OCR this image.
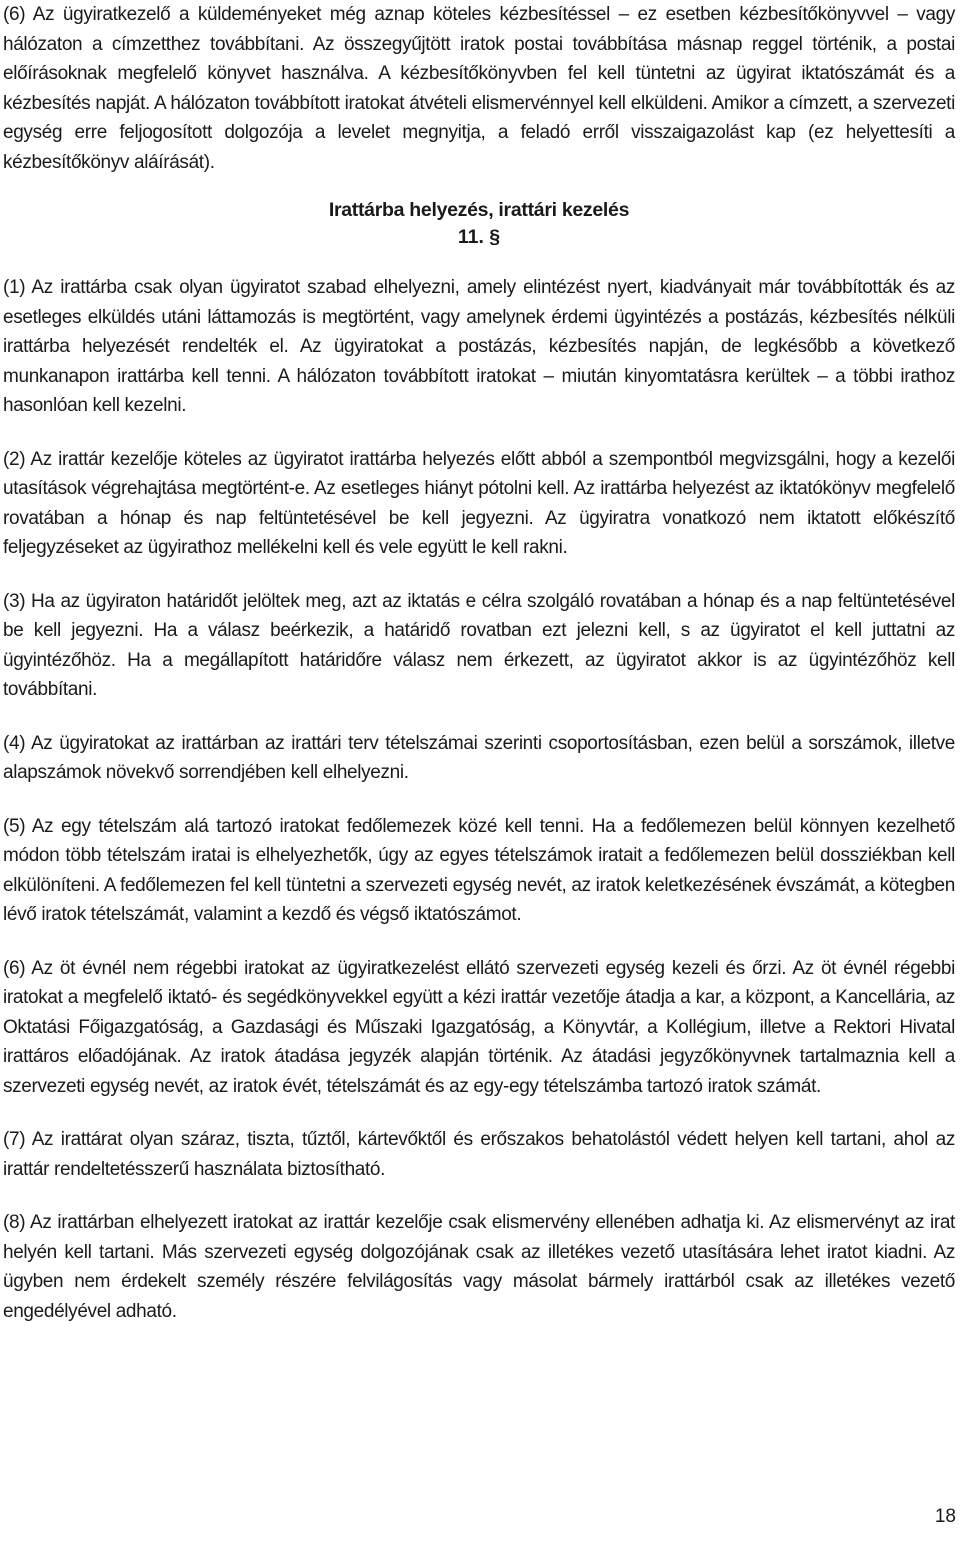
(6) Az ügyiratkezelő a küldeményeket még aznap köteles kézbesítéssel – ez esetben kézbesítőkönyvvel – vagy hálózaton a címzetthez továbbítani. Az összegyűjtött iratok postai továbbítása másnap reggel történik, a postai előírásoknak megfelelő könyvet használva. A kézbesítőkönyvben fel kell tüntetni az ügyirat iktatószámát és a kézbesítés napját. A hálózaton továbbított iratokat átvételi elismervénnyel kell elküldeni. Amikor a címzett, a szervezeti egység erre feljogosított dolgozója a levelet megnyitja, a feladó erről visszaigazolást kap (ez helyettesíti a kézbesítőkönyv aláírását).

Irattárba helyezés, irattári kezelés

11. §

(1) Az irattárba csak olyan ügyiratot szabad elhelyezni, amely elintézést nyert, kiadványait már továbbították és az esetleges elküldés utáni láttamozás is megtörtént, vagy amelynek érdemi ügyintézés a postázás, kézbesítés nélküli irattárba helyezését rendelték el. Az ügyiratokat a postázás, kézbesítés napján, de legkésőbb a következő munkanapon irattárba kell tenni. A hálózaton továbbított iratokat – miután kinyomtatásra kerültek – a többi irathoz hasonlóan kell kezelni.

(2) Az irattár kezelője köteles az ügyiratot irattárba helyezés előtt abból a szempontból megvizsgálni, hogy a kezelői utasítások végrehajtása megtörtént-e. Az esetleges hiányt pótolni kell. Az irattárba helyezést az iktatókönyv megfelelő rovatában a hónap és nap feltüntetésével be kell jegyezni. Az ügyiratra vonatkozó nem iktatott előkészítő feljegyzéseket az ügyirathoz mellékelni kell és vele együtt le kell rakni.

(3) Ha az ügyiraton határidőt jelöltek meg, azt az iktatás e célra szolgáló rovatában a hónap és a nap feltüntetésével be kell jegyezni. Ha a válasz beérkezik, a határidő rovatban ezt jelezni kell, s az ügyiratot el kell juttatni az ügyintézőhöz. Ha a megállapított határidőre válasz nem érkezett, az ügyiratot akkor is az ügyintézőhöz kell továbbítani.

(4) Az ügyiratokat az irattárban az irattári terv tételszámai szerinti csoportosításban, ezen belül a sorszámok, illetve alapszámok növekvő sorrendjében kell elhelyezni.

(5) Az egy tételszám alá tartozó iratokat fedőlemezek közé kell tenni. Ha a fedőlemezen belül könnyen kezelhető módon több tételszám iratai is elhelyezhetők, úgy az egyes tételszámok iratait a fedőlemezen belül dossziékban kell elkülöníteni. A fedőlemezen fel kell tüntetni a szervezeti egység nevét, az iratok keletkezésének évszámát, a kötegben lévő iratok tételszámát, valamint a kezdő és végső iktatószámot.

(6) Az öt évnél nem régebbi iratokat az ügyiratkezelést ellátó szervezeti egység kezeli és őrzi. Az öt évnél régebbi iratokat a megfelelő iktató- és segédkönyvekkel együtt a kézi irattár vezetője átadja a kar, a központ, a Kancellária, az Oktatási Főigazgatóság, a Gazdasági és Műszaki Igazgatóság, a Könyvtár, a Kollégium, illetve a Rektori Hivatal irattáros előadójának. Az iratok átadása jegyzék alapján történik. Az átadási jegyzőkönyvnek tartalmaznia kell a szervezeti egység nevét, az iratok évét, tételszámát és az egy-egy tételszámba tartozó iratok számát.

(7) Az irattárat olyan száraz, tiszta, tűztől, kártevőktől és erőszakos behatolástól védett helyen kell tartani, ahol az irattár rendeltetésszerű használata biztosítható.

(8) Az irattárban elhelyezett iratokat az irattár kezelője csak elismervény ellenében adhatja ki. Az elismervényt az irat helyén kell tartani. Más szervezeti egység dolgozójának csak az illetékes vezető utasítására lehet iratot kiadni. Az ügyben nem érdekelt személy részére felvilágosítás vagy másolat bármely irattárból csak az illetékes vezető engedélyével adható.

18
